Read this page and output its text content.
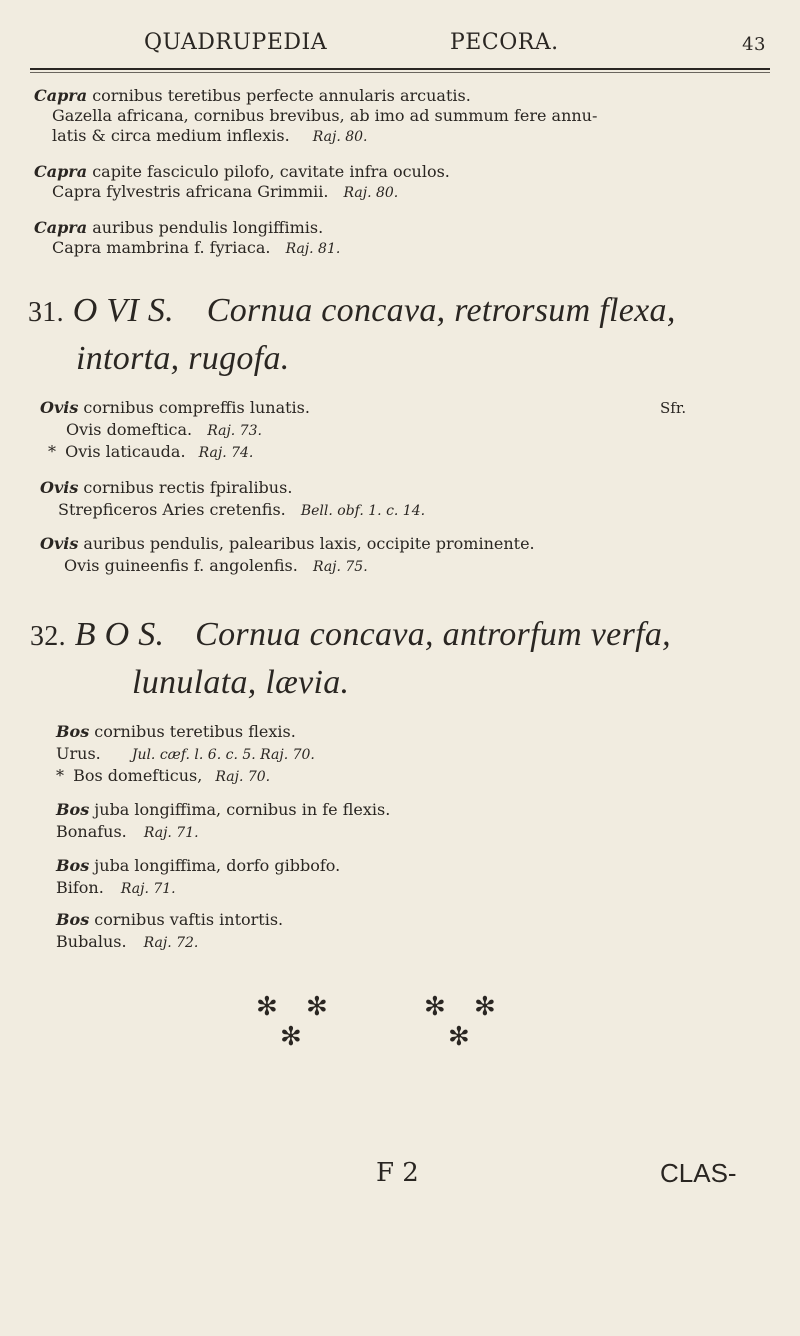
QUADRUPEDIA	PECORA.	43
Capra cornibus teretibus perfecte annularis arcuatis.
Gazella africana, cornibus brevibus, ab imo ad summum fere annu-
latis & circa medium inflexis. Raj. 80.
Capra capite fasciculo pilofo, cavitate infra oculos.
Capra fylvestris africana Grimmii. Raj. 80.
Capra auribus pendulis longiffimis.
Capra mambrina f. fyriaca. Raj. 81.
31. O VI S. Cornua concava, retrorsum flexa,
intorta, rugofa.
Sfr.
Ovis cornibus compreffis lunatis.
Ovis domeftica. Raj. 73.
* Ovis laticauda. Raj. 74.
Ovis cornibus rectis fpiralibus.
Strepficeros Aries cretenfis. Bell. obf. 1. c. 14.
Ovis auribus pendulis, palearibus laxis, occipite prominente.
Ovis guineenfis f. angolenfis. Raj. 75.
32. B O S. Cornua concava, antrorfum verfa,
lunulata, lævia.
Bos cornibus teretibus flexis.
Urus. Jul. cæf. l. 6. c. 5. Raj. 70.
* Bos domefticus, Raj. 70.
Bos juba longiffima, cornibus in fe flexis.
Bonafus. Raj. 71.
Bos juba longiffima, dorfo gibbofo.
Bifon. Raj. 71.
Bos cornibus vaftis intortis.
Bubalus. Raj. 72.
✻ ✻
✻
✻ ✻
✻
F 2	CLAS-
